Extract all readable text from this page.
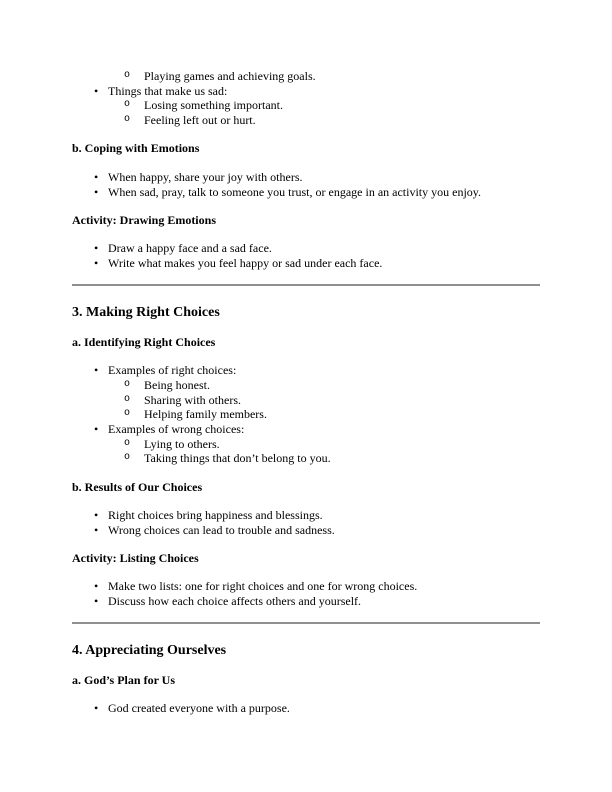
o	Playing games and achieving goals.
• Things that make us sad:
o	Losing something important.
o	Feeling left out or hurt.
b. Coping with Emotions
• When happy, share your joy with others.
• When sad, pray, talk to someone you trust, or engage in an activity you enjoy.
Activity: Drawing Emotions
• Draw a happy face and a sad face.
• Write what makes you feel happy or sad under each face.
3. Making Right Choices
a. Identifying Right Choices
• Examples of right choices:
o	Being honest.
o	Sharing with others.
o	Helping family members.
• Examples of wrong choices:
o	Lying to others.
o	Taking things that don’t belong to you.
b. Results of Our Choices
• Right choices bring happiness and blessings.
• Wrong choices can lead to trouble and sadness.
Activity: Listing Choices
• Make two lists: one for right choices and one for wrong choices.
• Discuss how each choice affects others and yourself.
4. Appreciating Ourselves
a. God’s Plan for Us
• God created everyone with a purpose.
